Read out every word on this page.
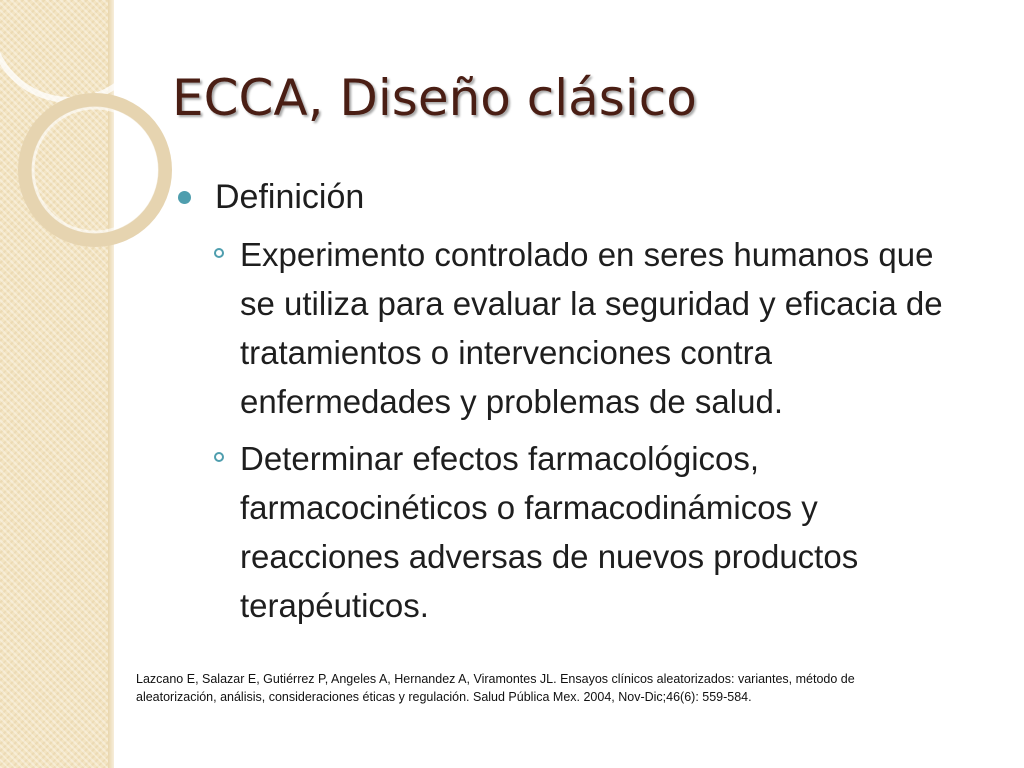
ECCA, Diseño clásico
Definición
Experimento controlado en seres humanos que se utiliza para evaluar la seguridad y eficacia de tratamientos o intervenciones contra enfermedades y problemas de salud.
Determinar efectos farmacológicos, farmacocinéticos o farmacodinámicos y reacciones adversas de nuevos productos terapéuticos.
Lazcano E, Salazar E, Gutiérrez P, Angeles A, Hernandez A, Viramontes JL. Ensayos clínicos aleatorizados: variantes, método de aleatorización, análisis, consideraciones éticas y regulación. Salud Pública Mex. 2004, Nov-Dic;46(6): 559-584.
